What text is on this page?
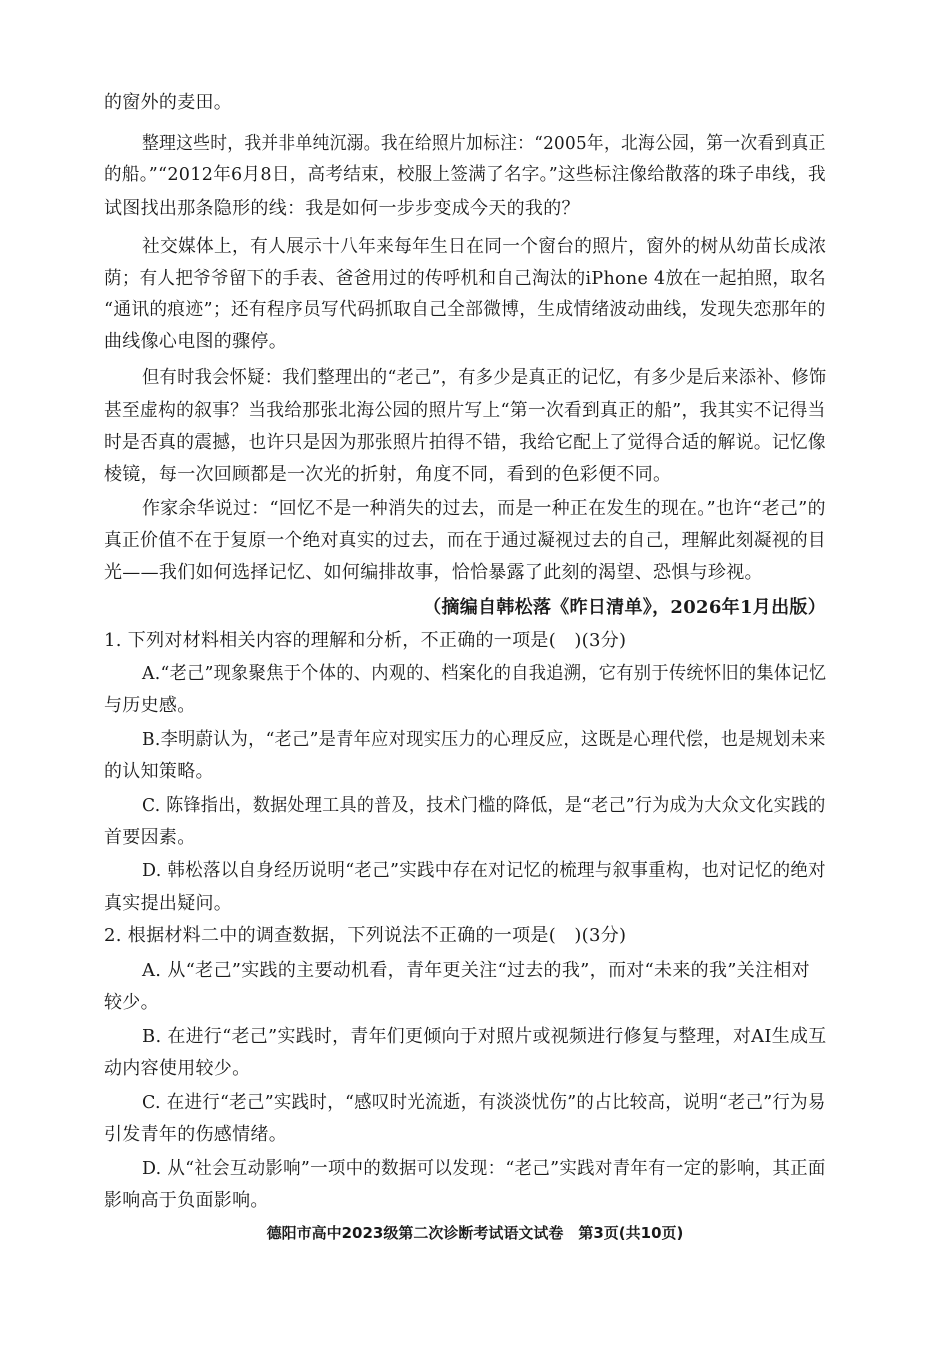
的窗外的麦田。
整理这些时，我并非单纯沉溺。我在给照片加标注：“2005年，北海公园，第一次看到真正
的船。”“2012年6月8日，高考结束，校服上签满了名字。”这些标注像给散落的珠子串线，我
试图找出那条隐形的线：我是如何一步步变成今天的我的？
社交媒体上，有人展示十八年来每年生日在同一个窗台的照片，窗外的树从幼苗长成浓
荫；有人把爷爷留下的手表、爸爸用过的传呼机和自己淘汰的iPhone 4放在一起拍照，取名
“通讯的痕迹”；还有程序员写代码抓取自己全部微博，生成情绪波动曲线，发现失恋那年的
曲线像心电图的骤停。
但有时我会怀疑：我们整理出的“老己”，有多少是真正的记忆，有多少是后来添补、修饰
甚至虚构的叙事？当我给那张北海公园的照片写上“第一次看到真正的船”，我其实不记得当
时是否真的震撼，也许只是因为那张照片拍得不错，我给它配上了觉得合适的解说。记忆像
棱镜，每一次回顾都是一次光的折射，角度不同，看到的色彩便不同。
作家余华说过：“回忆不是一种消失的过去，而是一种正在发生的现在。”也许“老己”的
真正价值不在于复原一个绝对真实的过去，而在于通过凝视过去的自己，理解此刻凝视的目
光——我们如何选择记忆、如何编排故事，恰恰暴露了此刻的渴望、恐惧与珍视。
（摘编自韩松落《昨日清单》，2026年1月出版）
1. 下列对材料相关内容的理解和分析，不正确的一项是(　)(3分)
A.“老己”现象聚焦于个体的、内观的、档案化的自我追溯，它有别于传统怀旧的集体记忆
与历史感。
B.李明蔚认为，“老己”是青年应对现实压力的心理反应，这既是心理代偿，也是规划未来
的认知策略。
C. 陈锋指出，数据处理工具的普及，技术门槛的降低，是“老己”行为成为大众文化实践的
首要因素。
D. 韩松落以自身经历说明“老己”实践中存在对记忆的梳理与叙事重构，也对记忆的绝对
真实提出疑问。
2. 根据材料二中的调查数据，下列说法不正确的一项是(　)(3分)
A. 从“老己”实践的主要动机看，青年更关注“过去的我”，而对“未来的我”关注相对
较少。
B. 在进行“老己”实践时，青年们更倾向于对照片或视频进行修复与整理，对AI生成互
动内容使用较少。
C. 在进行“老己”实践时，“感叹时光流逝，有淡淡忧伤”的占比较高，说明“老己”行为易
引发青年的伤感情绪。
D. 从“社会互动影响”一项中的数据可以发现：“老己”实践对青年有一定的影响，其正面
影响高于负面影响。
德阳市高中2023级第二次诊断考试语文试卷　第3页(共10页)
